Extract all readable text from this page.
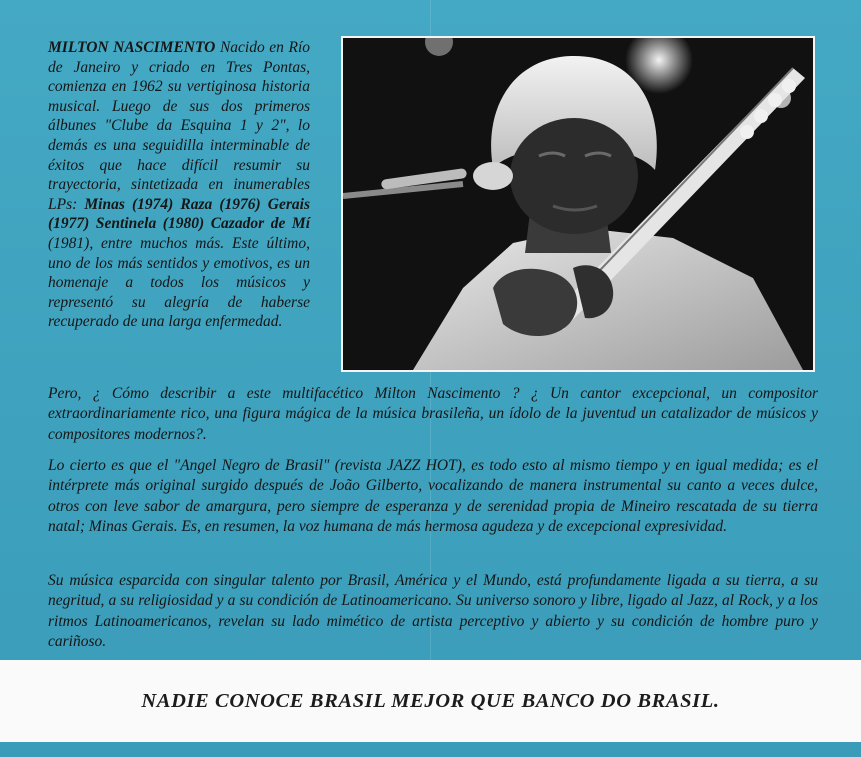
MILTON NASCIMENTO Nacido en Río de Janeiro y criado en Tres Pontas, comienza en 1962 su vertiginosa historia musical. Luego de sus dos primeros álbunes "Clube da Esquina 1 y 2", lo demás es una seguidilla interminable de éxitos que hace difícil resumir su trayectoria, sintetizada en inumerables LPs: Minas (1974) Raza (1976) Gerais (1977) Sentinela (1980) Cazador de Mí (1981), entre muchos más. Este último, uno de los más sentidos y emotivos, es un homenaje a todos los músicos y representó su alegría de haberse recuperado de una larga enfermedad.

Pero, ¿ Cómo describir a este multifacético Milton Nascimento ? ¿ Un cantor excepcional, un compositor extraordinariamente rico, una figura mágica de la música brasileña, un ídolo de la juventud un catalizador de músicos y compositores modernos?.

Lo cierto es que el "Angel Negro de Brasil" (revista JAZZ HOT), es todo esto al mismo tiempo y en igual medida; es el intérprete más original surgido después de João Gilberto, vocalizando de manera instrumental su canto a veces dulce, otros con leve sabor de amargura, pero siempre de esperanza y de serenidad propia de Mineiro rescatada de su tierra natal; Minas Gerais. Es, en resumen, la voz humana de más hermosa agudeza y de excepcional expresividad.

Su música esparcida con singular talento por Brasil, América y el Mundo, está profundamente ligada a su tierra, a su negritud, a su religiosidad y a su condición de Latinoamericano. Su universo sonoro y libre, ligado al Jazz, al Rock, y a los ritmos Latinoamericanos, revelan su lado mimético de artista perceptivo y abierto y su condición de hombre puro y cariñoso.

NADIE CONOCE BRASIL MEJOR QUE BANCO DO BRASIL.
